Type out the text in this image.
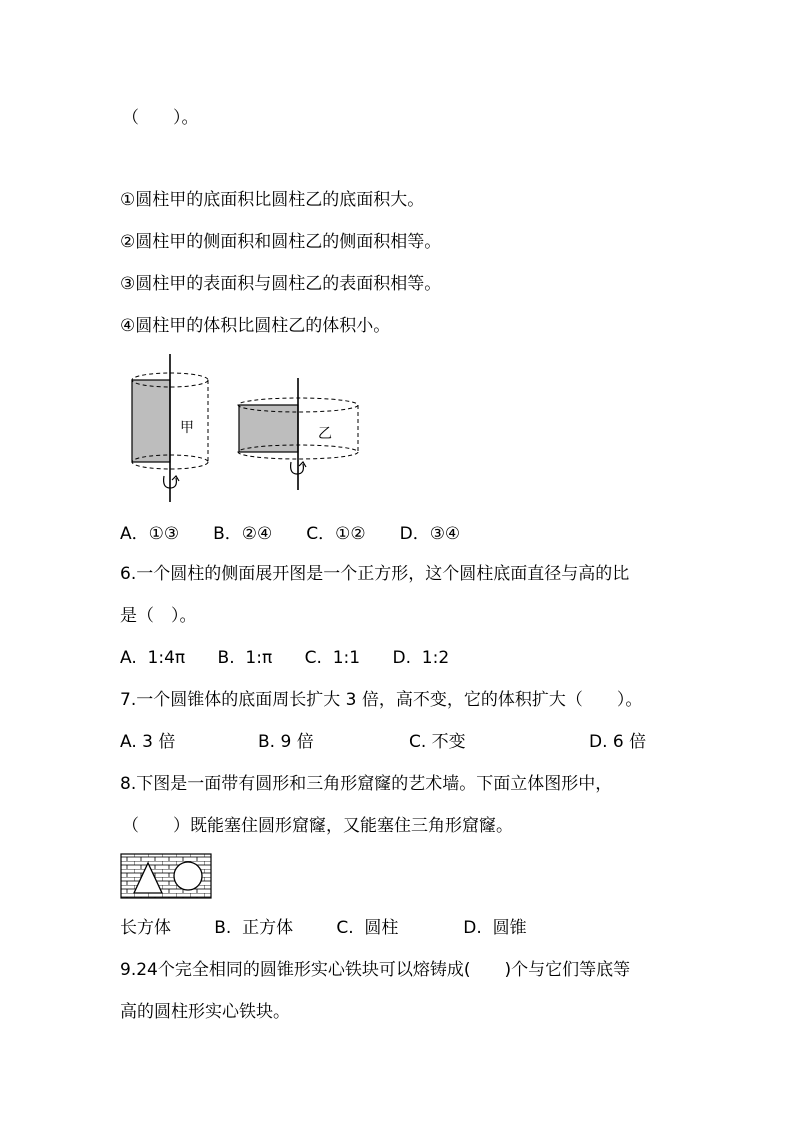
（　　）。
①圆柱甲的底面积比圆柱乙的底面积大。
②圆柱甲的侧面积和圆柱乙的侧面积相等。
③圆柱甲的表面积与圆柱乙的表面积相等。
④圆柱甲的体积比圆柱乙的体积小。
甲	乙
A．①③　　B．②④　　C．①②　　D．③④
6.一个圆柱的侧面展开图是一个正方形，这个圆柱底面直径与高的比
是（　）。
A.  1:4π      B.  1:π      C.  1:1      D.  1:2
7.一个圆锥体的底面周长扩大 3 倍，高不变，它的体积扩大（　　）。
A. 3 倍	B. 9 倍	C. 不变	D. 6 倍
8.下图是一面带有圆形和三角形窟窿的艺术墙。下面立体图形中，
（　　）既能塞住圆形窟窿，又能塞住三角形窟窿。
长方体        B.  正方体        C.  圆柱            D.  圆锥
9.24个完全相同的圆锥形实心铁块可以熔铸成(　　)个与它们等底等
高的圆柱形实心铁块。
